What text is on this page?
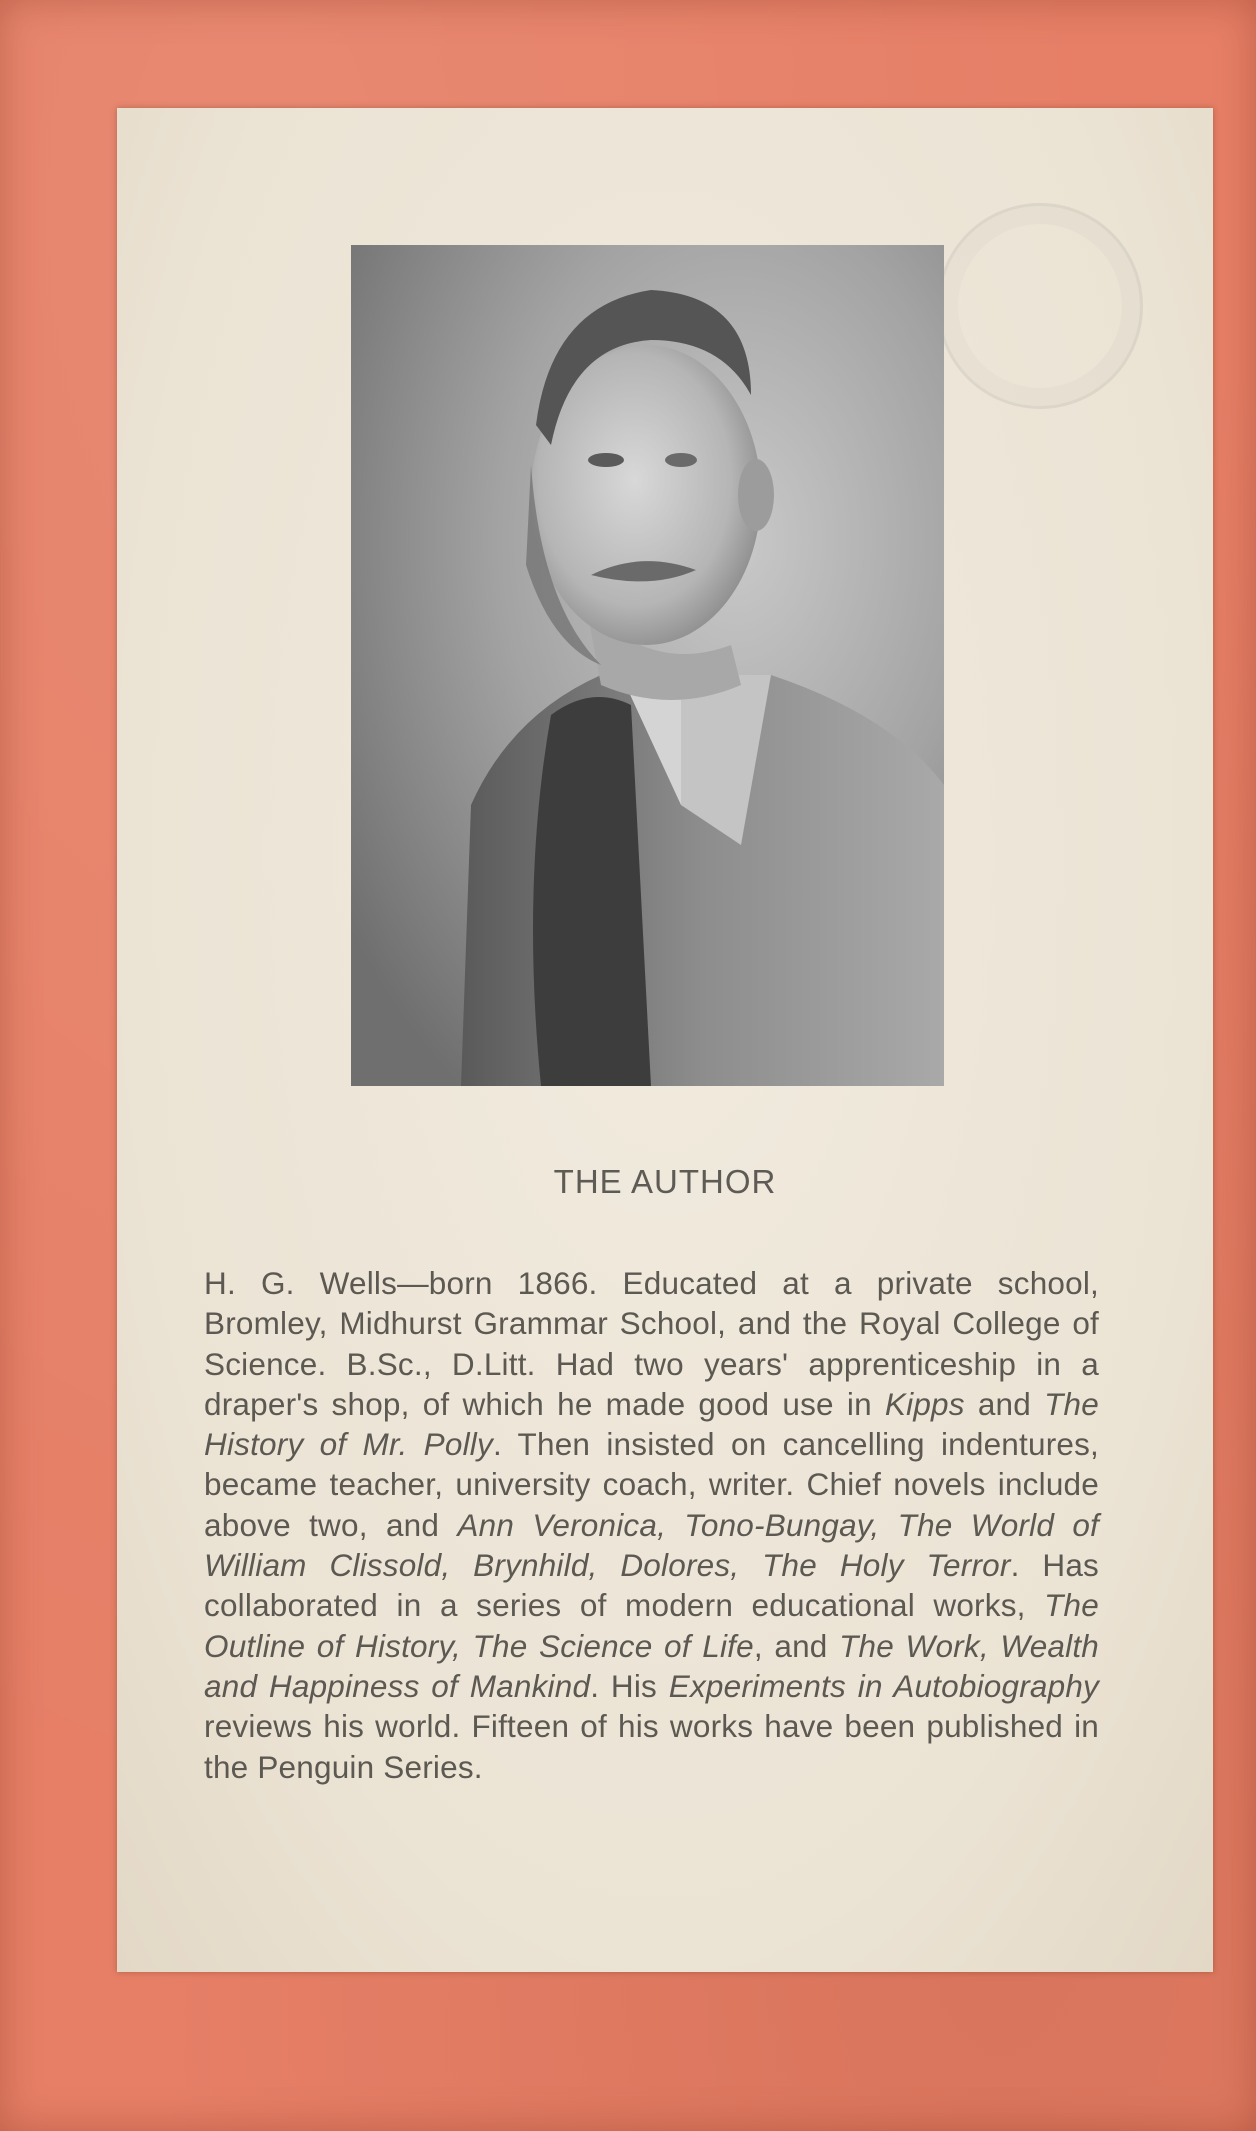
THE AUTHOR
H. G. Wells—born 1866. Educated at a private school, Bromley, Midhurst Grammar School, and the Royal College of Science. B.Sc., D.Litt. Had two years' apprenticeship in a draper's shop, of which he made good use in Kipps and The History of Mr. Polly. Then insisted on cancelling indentures, became teacher, university coach, writer. Chief novels include above two, and Ann Veronica, Tono-Bungay, The World of William Clissold, Brynhild, Dolores, The Holy Terror. Has collaborated in a series of modern educational works, The Outline of History, The Science of Life, and The Work, Wealth and Happiness of Mankind. His Experiments in Autobiography reviews his world. Fifteen of his works have been published in the Penguin Series.
